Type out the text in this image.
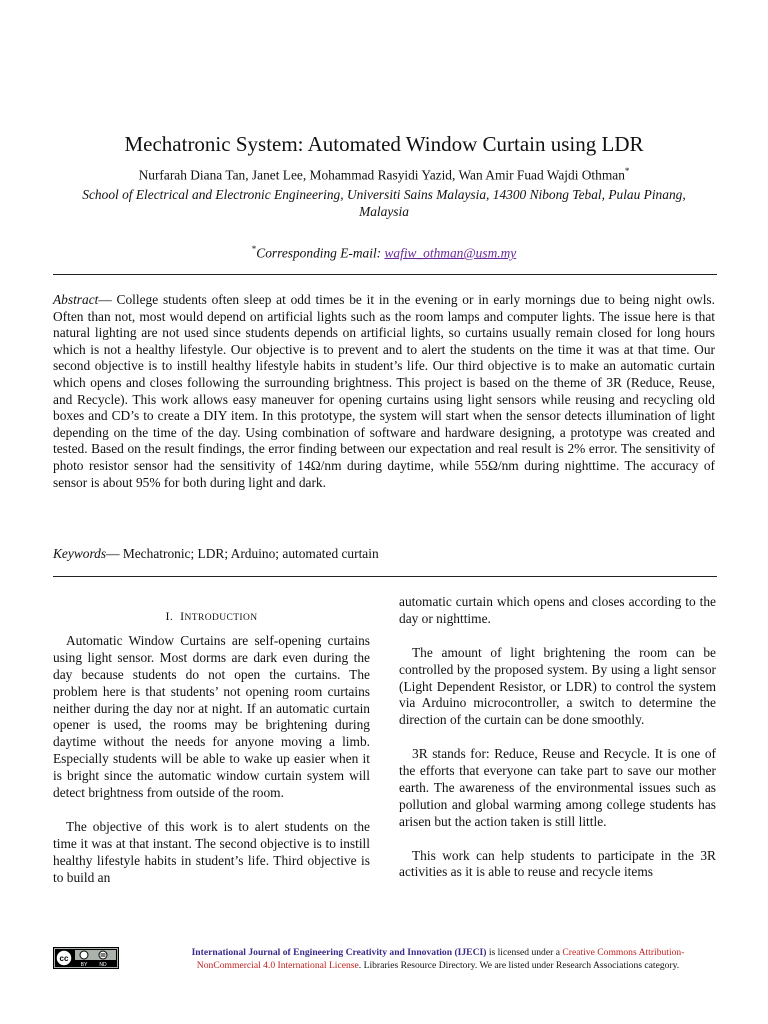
Mechatronic System: Automated Window Curtain using LDR
Nurfarah Diana Tan, Janet Lee, Mohammad Rasyidi Yazid, Wan Amir Fuad Wajdi Othman*
School of Electrical and Electronic Engineering, Universiti Sains Malaysia, 14300 Nibong Tebal, Pulau Pinang, Malaysia
*Corresponding E-mail: wafiw_othman@usm.my

Abstract— College students often sleep at odd times be it in the evening or in early mornings due to being night owls. Often than not, most would depend on artificial lights such as the room lamps and computer lights. The issue here is that natural lighting are not used since students depends on artificial lights, so curtains usually remain closed for long hours which is not a healthy lifestyle. Our objective is to prevent and to alert the students on the time it was at that time. Our second objective is to instill healthy lifestyle habits in student’s life. Our third objective is to make an automatic curtain which opens and closes following the surrounding brightness. This project is based on the theme of 3R (Reduce, Reuse, and Recycle). This work allows easy maneuver for opening curtains using light sensors while reusing and recycling old boxes and CD’s to create a DIY item. In this prototype, the system will start when the sensor detects illumination of light depending on the time of the day. Using combination of software and hardware designing, a prototype was created and tested. Based on the result findings, the error finding between our expectation and real result is 2% error. The sensitivity of photo resistor sensor had the sensitivity of 14Ω/nm during daytime, while 55Ω/nm during nighttime. The accuracy of sensor is about 95% for both during light and dark.

Keywords— Mechatronic; LDR; Arduino; automated curtain

I. INTRODUCTION

Automatic Window Curtains are self-opening curtains using light sensor. Most dorms are dark even during the day because students do not open the curtains. The problem here is that students’ not opening room curtains neither during the day nor at night. If an automatic curtain opener is used, the rooms may be brightening during daytime without the needs for anyone moving a limb. Especially students will be able to wake up easier when it is bright since the automatic window curtain system will detect brightness from outside of the room.

The objective of this work is to alert students on the time it was at that instant. The second objective is to instill healthy lifestyle habits in student’s life. Third objective is to build an

automatic curtain which opens and closes according to the day or nighttime.

The amount of light brightening the room can be controlled by the proposed system. By using a light sensor (Light Dependent Resistor, or LDR) to control the system via Arduino microcontroller, a switch to determine the direction of the curtain can be done smoothly.

3R stands for: Reduce, Reuse and Recycle. It is one of the efforts that everyone can take part to save our mother earth. The awareness of the environmental issues such as pollution and global warming among college students has arisen but the action taken is still little.

This work can help students to participate in the 3R activities as it is able to reuse and recycle items

cc
BY ND
International Journal of Engineering Creativity and Innovation (IJECI) is licensed under a Creative Commons Attribution-
NonCommercial 4.0 International License. Libraries Resource Directory. We are listed under Research Associations category.
